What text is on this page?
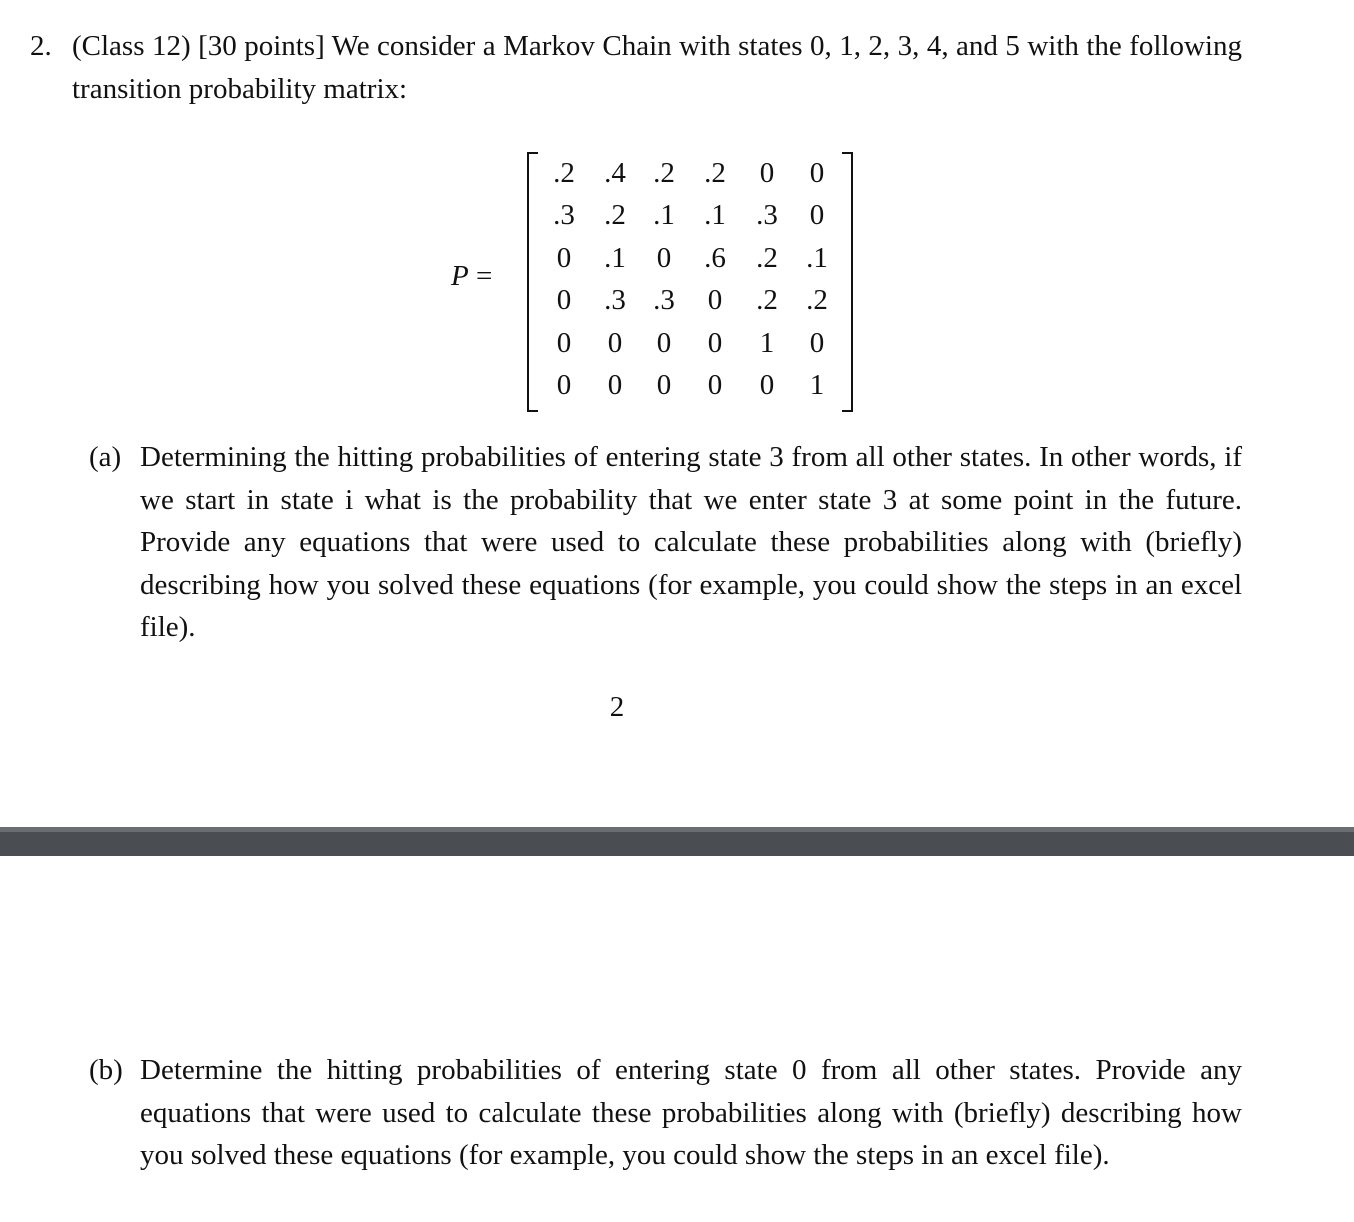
2. (Class 12) [30 points] We consider a Markov Chain with states 0, 1, 2, 3, 4, and 5 with the following transition probability matrix:

P =
.2	.4 .2	.2	0	0
.3	.2 .1	.1	.3	0
0	.1	0	.6	.2 .1
0	.3 .3	0	.2 .2
0	0	0	0	1	0
0	0	0	0	0	1
(a) Determining the hitting probabilities of entering state 3 from all other states. In other words, if we start in state i what is the probability that we enter state 3 at some point in the future. Provide any equations that were used to calculate these probabilities along with (briefly) describing how you solved these equations (for example, you could show the steps in an excel file).

2
(b) Determine the hitting probabilities of entering state 0 from all other states. Provide any equations that were used to calculate these probabilities along with (briefly) describing how you solved these equations (for example, you could show the steps in an excel file).
